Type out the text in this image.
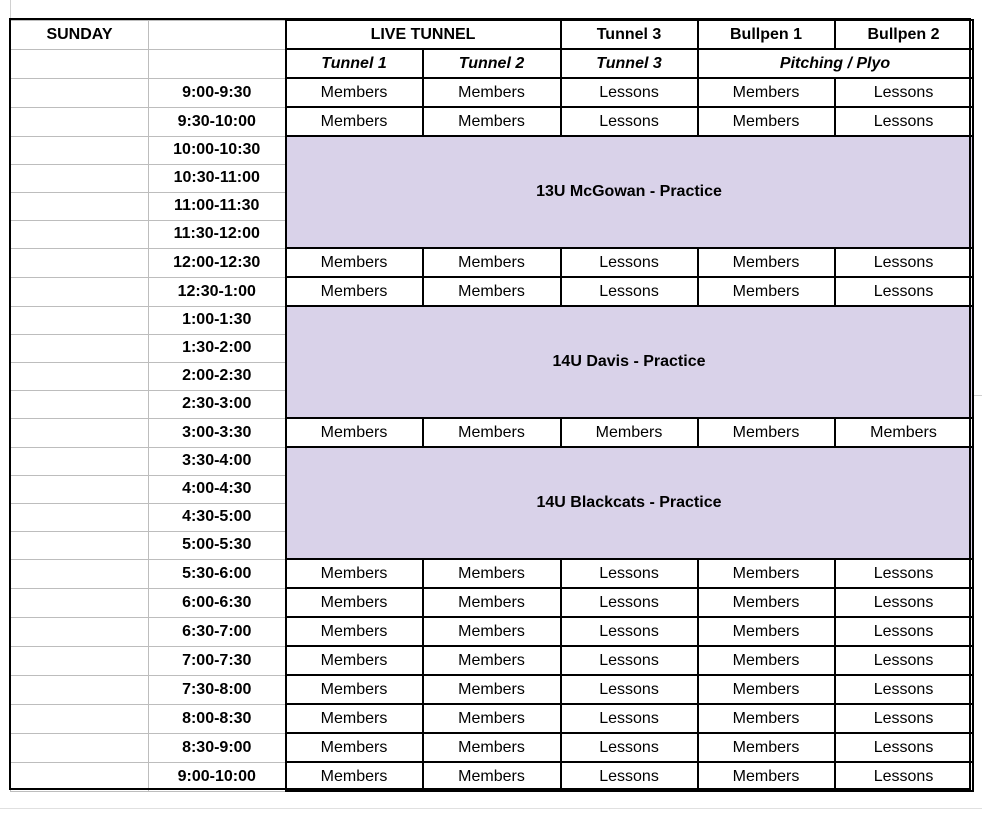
SUNDAY		LIVE TUNNEL		Tunnel 3	Bullpen 1	Bullpen 2
		Tunnel 1	Tunnel 2	Tunnel 3	Pitching / Plyo	
	9:00-9:30	Members	Members	Lessons	Members	Lessons
	9:30-10:00	Members	Members	Lessons	Members	Lessons
	10:00-10:30	13U McGowan - Practice				
	10:30-11:00					
	11:00-11:30					
	11:30-12:00					
	12:00-12:30	Members	Members	Lessons	Members	Lessons
	12:30-1:00	Members	Members	Lessons	Members	Lessons
	1:00-1:30	14U Davis - Practice				
	1:30-2:00					
	2:00-2:30					
	2:30-3:00					
	3:00-3:30	Members	Members	Members	Members	Members
	3:30-4:00	14U Blackcats - Practice				
	4:00-4:30					
	4:30-5:00					
	5:00-5:30					
	5:30-6:00	Members	Members	Lessons	Members	Lessons
	6:00-6:30	Members	Members	Lessons	Members	Lessons
	6:30-7:00	Members	Members	Lessons	Members	Lessons
	7:00-7:30	Members	Members	Lessons	Members	Lessons
	7:30-8:00	Members	Members	Lessons	Members	Lessons
	8:00-8:30	Members	Members	Lessons	Members	Lessons
	8:30-9:00	Members	Members	Lessons	Members	Lessons
	9:00-10:00	Members	Members	Lessons	Members	Lessons
